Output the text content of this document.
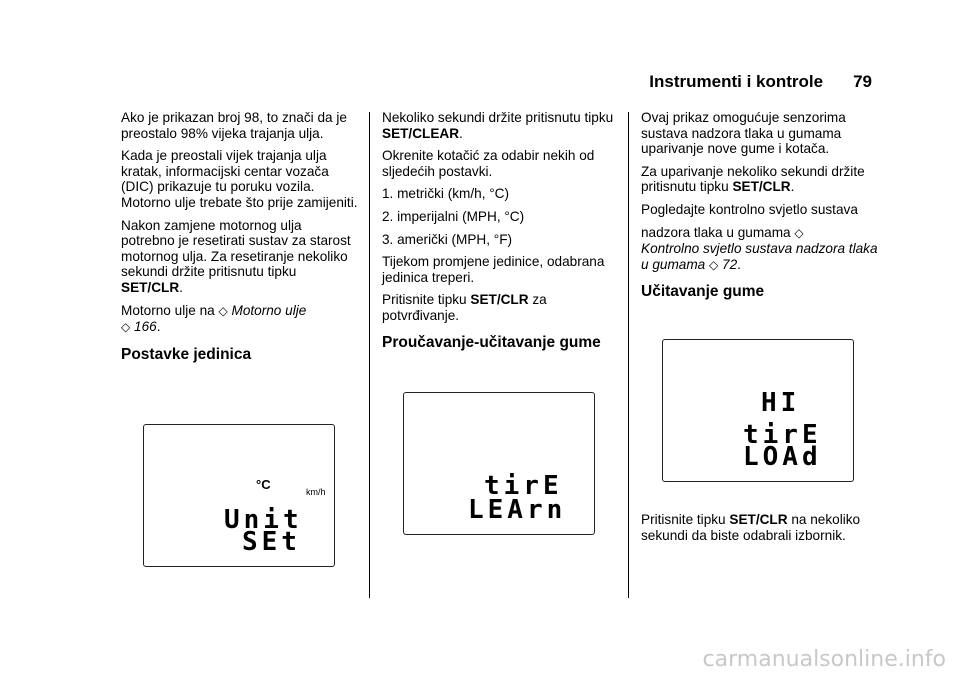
Instrumenti i kontrole 79

Ako je prikazan broj 98, to znači da je preostalo 98% vijeka trajanja ulja.

Kada je preostali vijek trajanja ulja kratak, informacijski centar vozača (DIC) prikazuje tu poruku vozila. Motorno ulje trebate što prije zamijeniti.

Nakon zamjene motornog ulja potrebno je resetirati sustav za starost motornog ulja. Za resetiranje nekoliko sekundi držite pritisnutu tipku SET/CLR.

Motorno ulje na ◇ Motorno ulje
◇ 166.

Postavke jedinica
°C	km/h
Unit
SEt

Nekoliko sekundi držite pritisnutu tipku SET/CLEAR.

Okrenite kotačić za odabir nekih od sljedećih postavki.

1. metrički (km/h, °C)

2. imperijalni (MPH, °C)

3. američki (MPH, °F)

Tijekom promjene jedinice, odabrana jedinica treperi.

Pritisnite tipku SET/CLR za potvrđivanje.

Proučavanje-učitavanje gume
tirE
LEArn

Ovaj prikaz omogućuje senzorima sustava nadzora tlaka u gumama uparivanje nove gume i kotača.

Za uparivanje nekoliko sekundi držite pritisnutu tipku SET/CLR.

Pogledajte kontrolno svjetlo sustava

nadzora tlaka u gumama ◇
Kontrolno svjetlo sustava nadzora tlaka u gumama ◇ 72.

Učitavanje gume
HI
tirE
LOAd

Pritisnite tipku SET/CLR na nekoliko sekundi da biste odabrali izbornik.

carmanualsonline.info
